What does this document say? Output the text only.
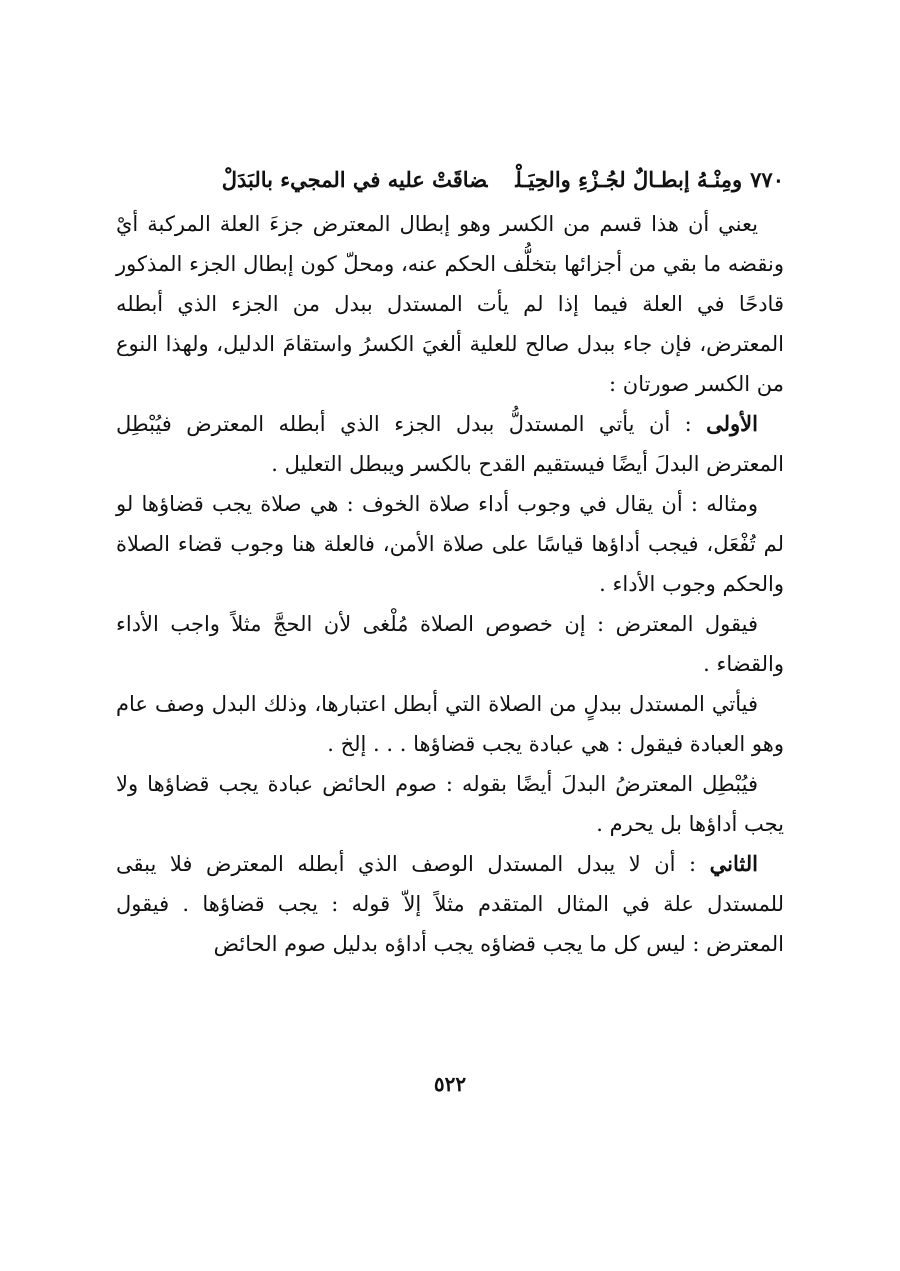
٧٧٠ومِنْـهُ إبطـالٌ لجُـزْءِ والحِيَـلْضاقَتْ عليه في المجيء بالبَدَلْ

يعني أن هذا قسم من الكسر وهو إبطال المعترض جزءَ العلة المركبة أيْ ونقضه ما بقي من أجزائها بتخلُّف الحكم عنه، ومحلّ كون إبطال الجزء المذكور قادحًا في العلة فيما إذا لم يأت المستدل ببدل من الجزء الذي أبطله المعترض، فإن جاء ببدل صالح للعلية ألغيَ الكسرُ واستقامَ الدليل، ولهذا النوع من الكسر صورتان :

الأولى : أن يأتي المستدلُّ ببدل الجزء الذي أبطله المعترض فيُبْطِل المعترض البدلَ أيضًا فيستقيم القدح بالكسر ويبطل التعليل .

ومثاله : أن يقال في وجوب أداء صلاة الخوف : هي صلاة يجب قضاؤها لو لم تُفْعَل، فيجب أداؤها قياسًا على صلاة الأمن، فالعلة هنا وجوب قضاء الصلاة والحكم وجوب الأداء .

فيقول المعترض : إن خصوص الصلاة مُلْغى لأن الحجَّ مثلاً واجب الأداء والقضاء .

فيأتي المستدل ببدلٍ من الصلاة التي أبطل اعتبارها، وذلك البدل وصف عام وهو العبادة فيقول : هي عبادة يجب قضاؤها . . . إلخ .

فيُبْطِل المعترضُ البدلَ أيضًا بقوله : صوم الحائض عبادة يجب قضاؤها ولا يجب أداؤها بل يحرم .

الثاني : أن لا يبدل المستدل الوصف الذي أبطله المعترض فلا يبقى للمستدل علة في المثال المتقدم مثلاً إلاّ قوله : يجب قضاؤها . فيقول المعترض : ليس كل ما يجب قضاؤه يجب أداؤه بدليل صوم الحائض

٥٢٢
